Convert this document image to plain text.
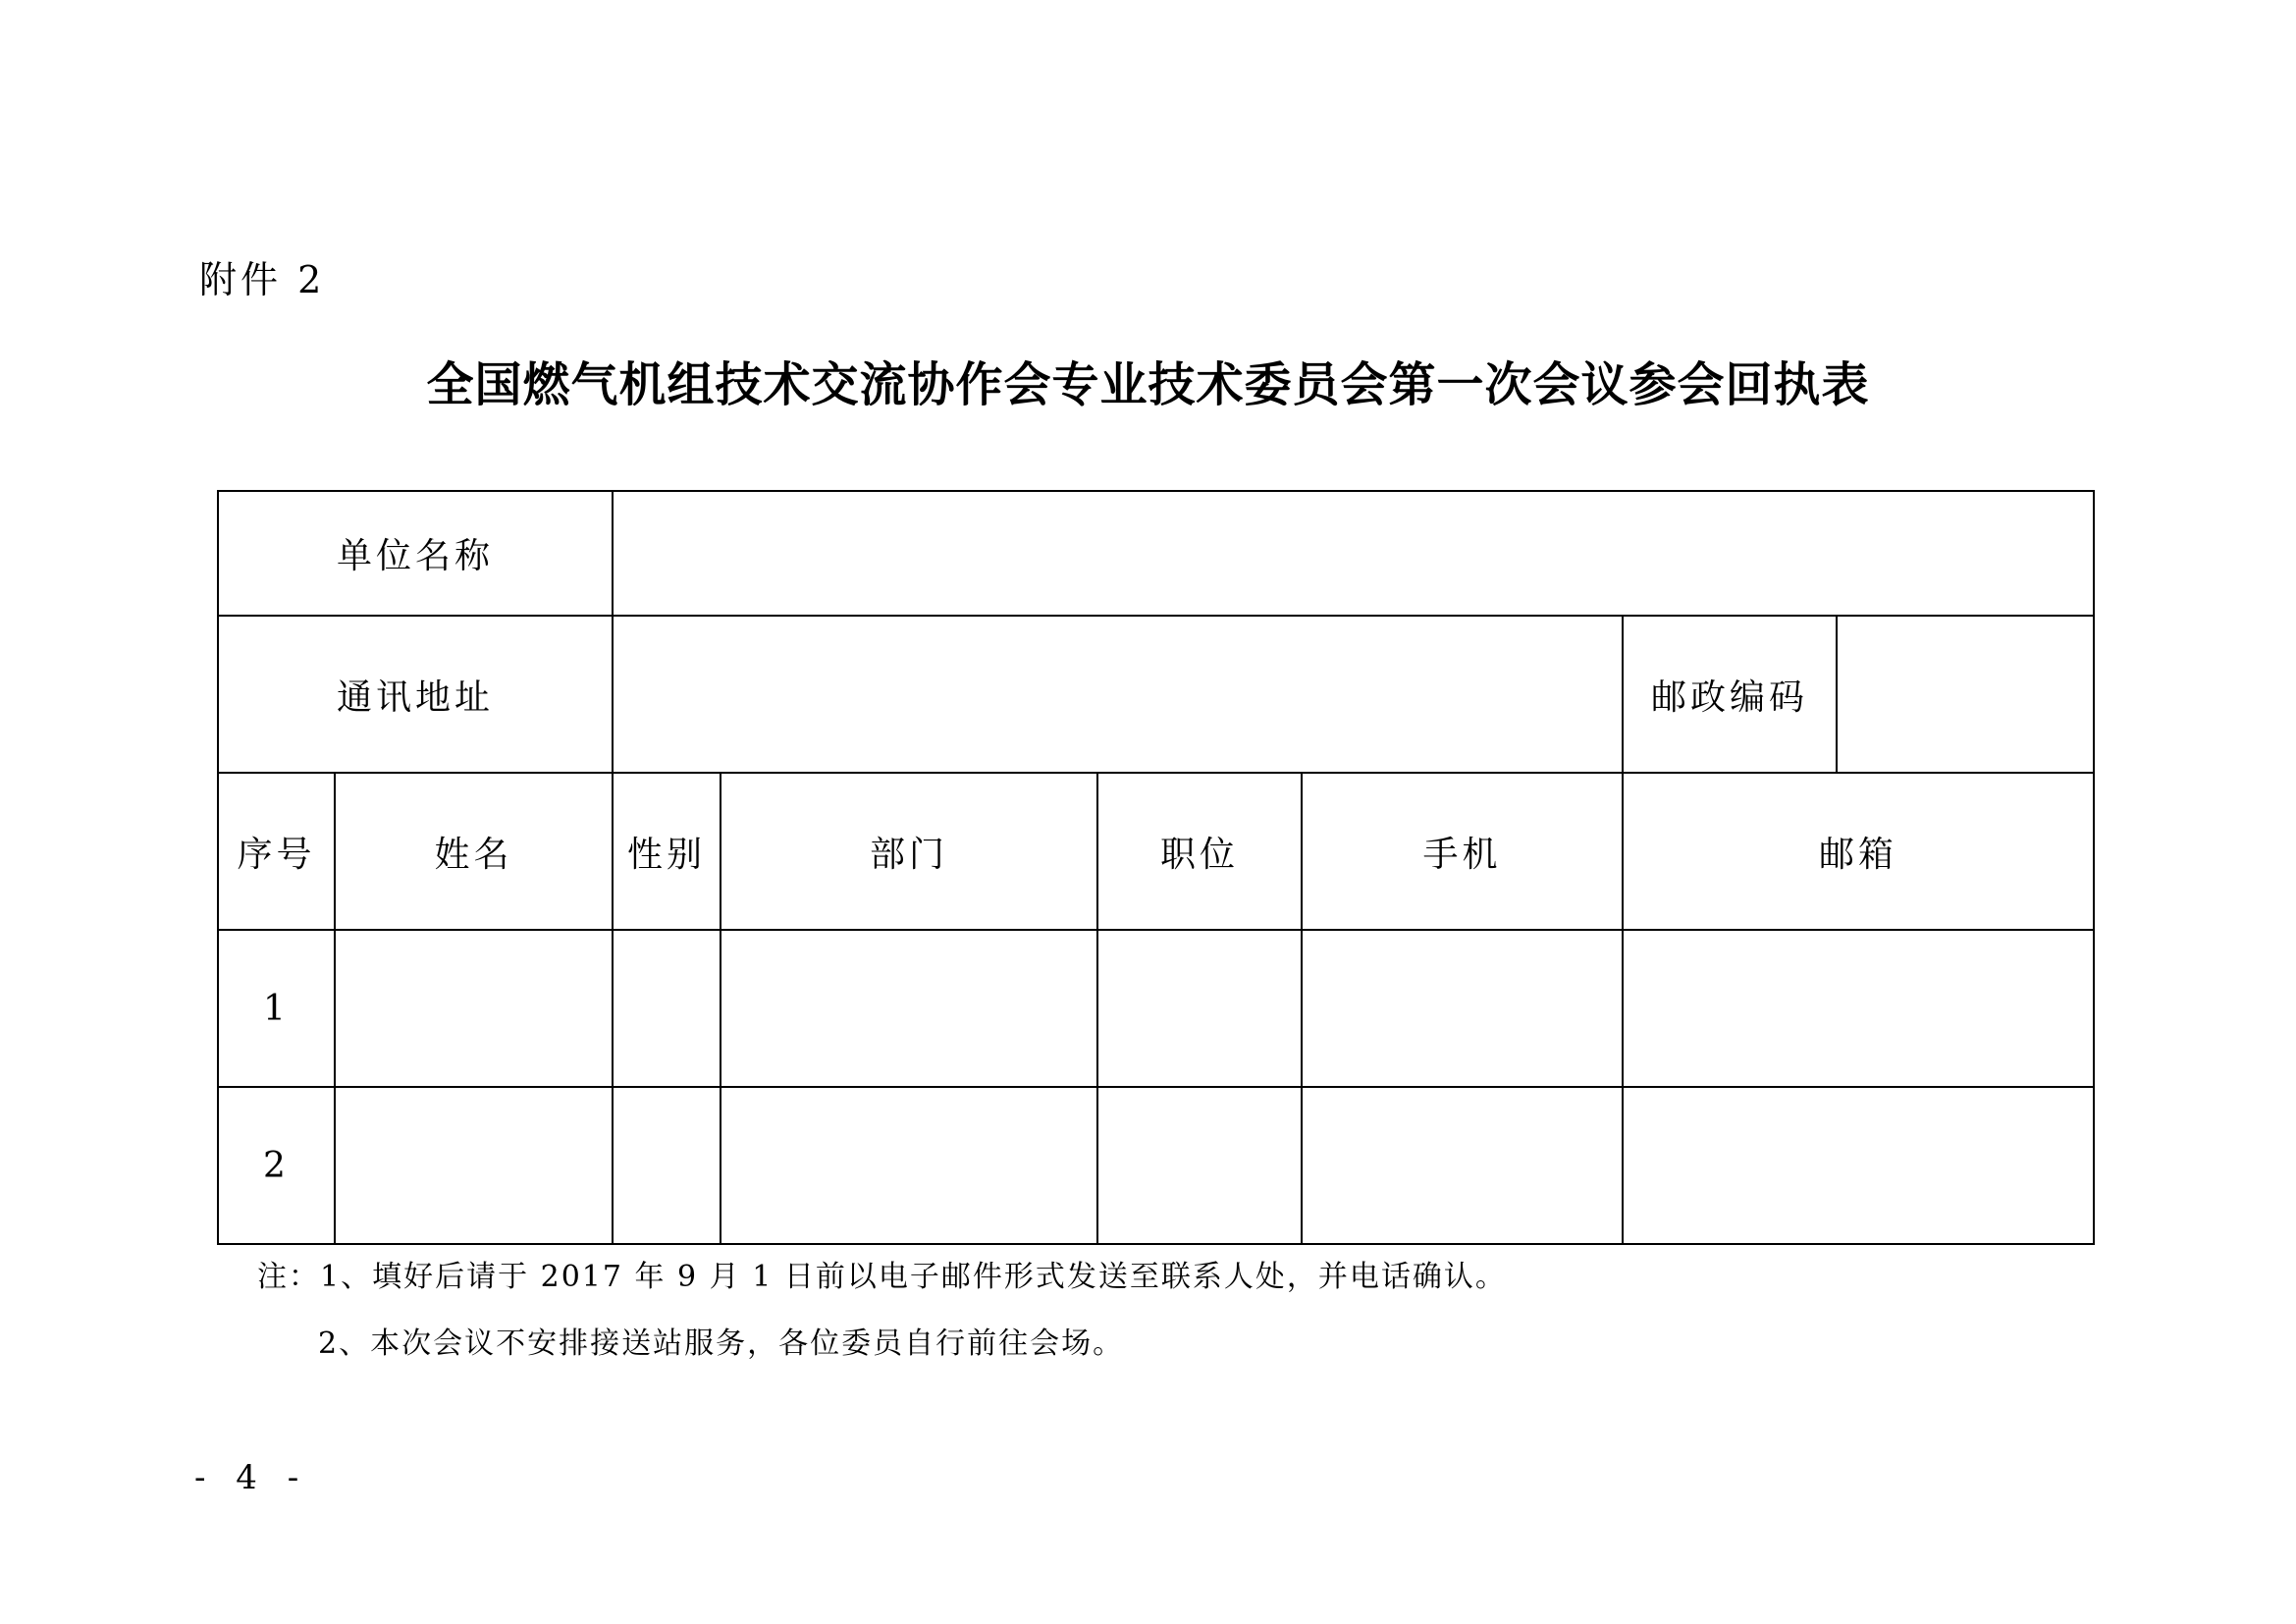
附件 2
全国燃气机组技术交流协作会专业技术委员会第一次会议参会回执表
单位名称						
通讯地址						邮政编码

序号	姓名	性别	部门	职位	手机	邮箱
1						
2						
注：1、填好后请于 2017 年 9 月 1 日前以电子邮件形式发送至联系人处，并电话确认。
2、本次会议不安排接送站服务，各位委员自行前往会场。
- 4 -
